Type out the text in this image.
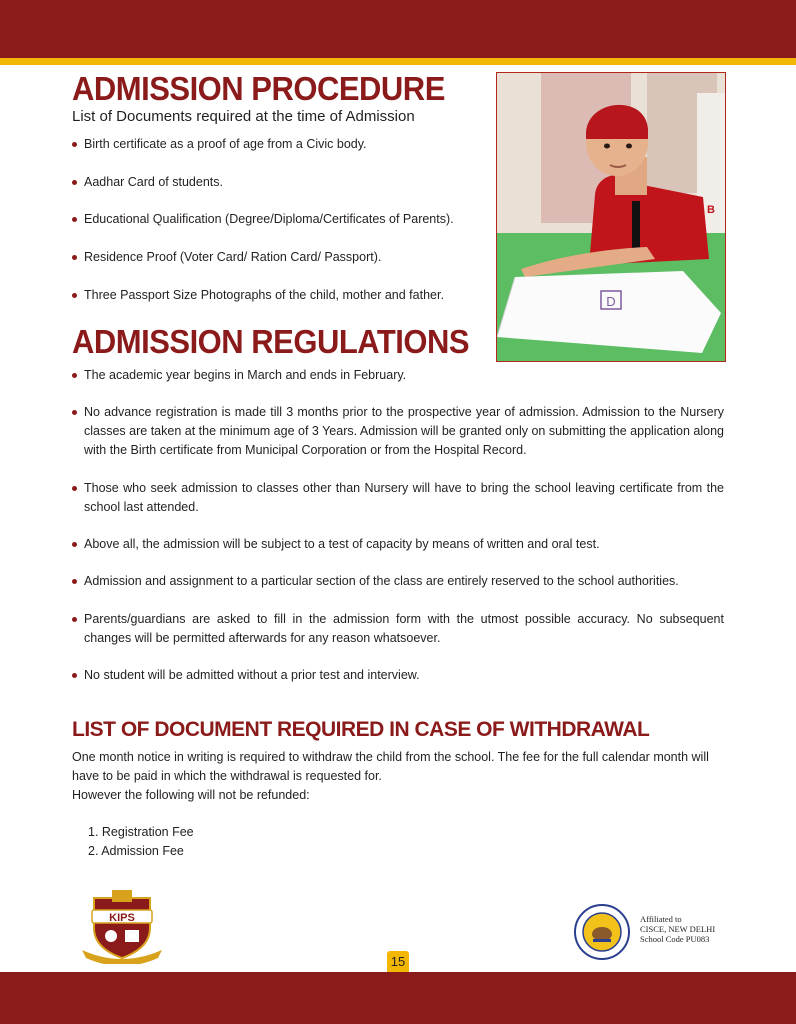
ADMISSION PROCEDURE
List of Documents required at the time of Admission
Birth certificate as a proof of age from a Civic body.
Aadhar Card of students.
Educational Qualification (Degree/Diploma/Certificates of Parents).
Residence Proof (Voter Card/ Ration Card/ Passport).
Three Passport Size Photographs of the child, mother and father.	D
B
ADMISSION REGULATIONS
The academic year begins in March and ends in February.
No advance registration is made till 3 months prior to the prospective year of admission. Admission to the Nursery classes are taken at the minimum age of 3 Years. Admission will be granted only on submitting the application along with the Birth certificate from Municipal Corporation or from the Hospital Record.
Those who seek admission to classes other than Nursery will have to bring the school leaving certificate from the school last attended.
Above all, the admission will be subject to a test of capacity by means of written and oral test.
Admission and assignment to a particular section of the class are entirely reserved to the school authorities.
Parents/guardians are asked to fill in the admission form with the utmost possible accuracy. No subsequent changes will be permitted afterwards for any reason whatsoever.
No student will be admitted without a prior test and interview.
LIST OF DOCUMENT REQUIRED IN CASE OF WITHDRAWAL
One month notice in writing is required to withdraw the child from the school. The fee for the full calendar month will have to be paid in which the withdrawal is requested for.
However the following will not be refunded:
1. Registration Fee
2. Admission Fee
KIPS
15
Affiliated to
CISCE, NEW DELHI
School Code PU083
